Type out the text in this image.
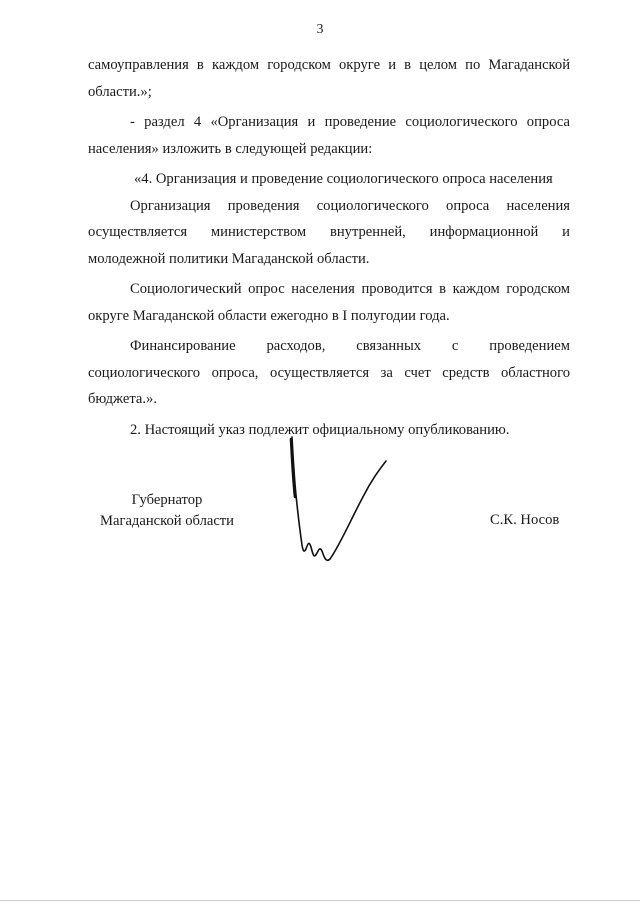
3

самоуправления в каждом городском округе и в целом по Магаданской области.»;

- раздел 4 «Организация и проведение социологического опроса населения» изложить в следующей редакции:

«4. Организация и проведение социологического опроса населения

Организация проведения социологического опроса населения осуществляется министерством внутренней, информационной и молодежной политики Магаданской области.

Социологический опрос населения проводится в каждом городском округе Магаданской области ежегодно в I полугодии года.

Финансирование расходов, связанных с проведением социологического опроса, осуществляется за счет средств областного бюджета.».

2. Настоящий указ подлежит официальному опубликованию.

Губернатор
Магаданской области	С.К. Носов
